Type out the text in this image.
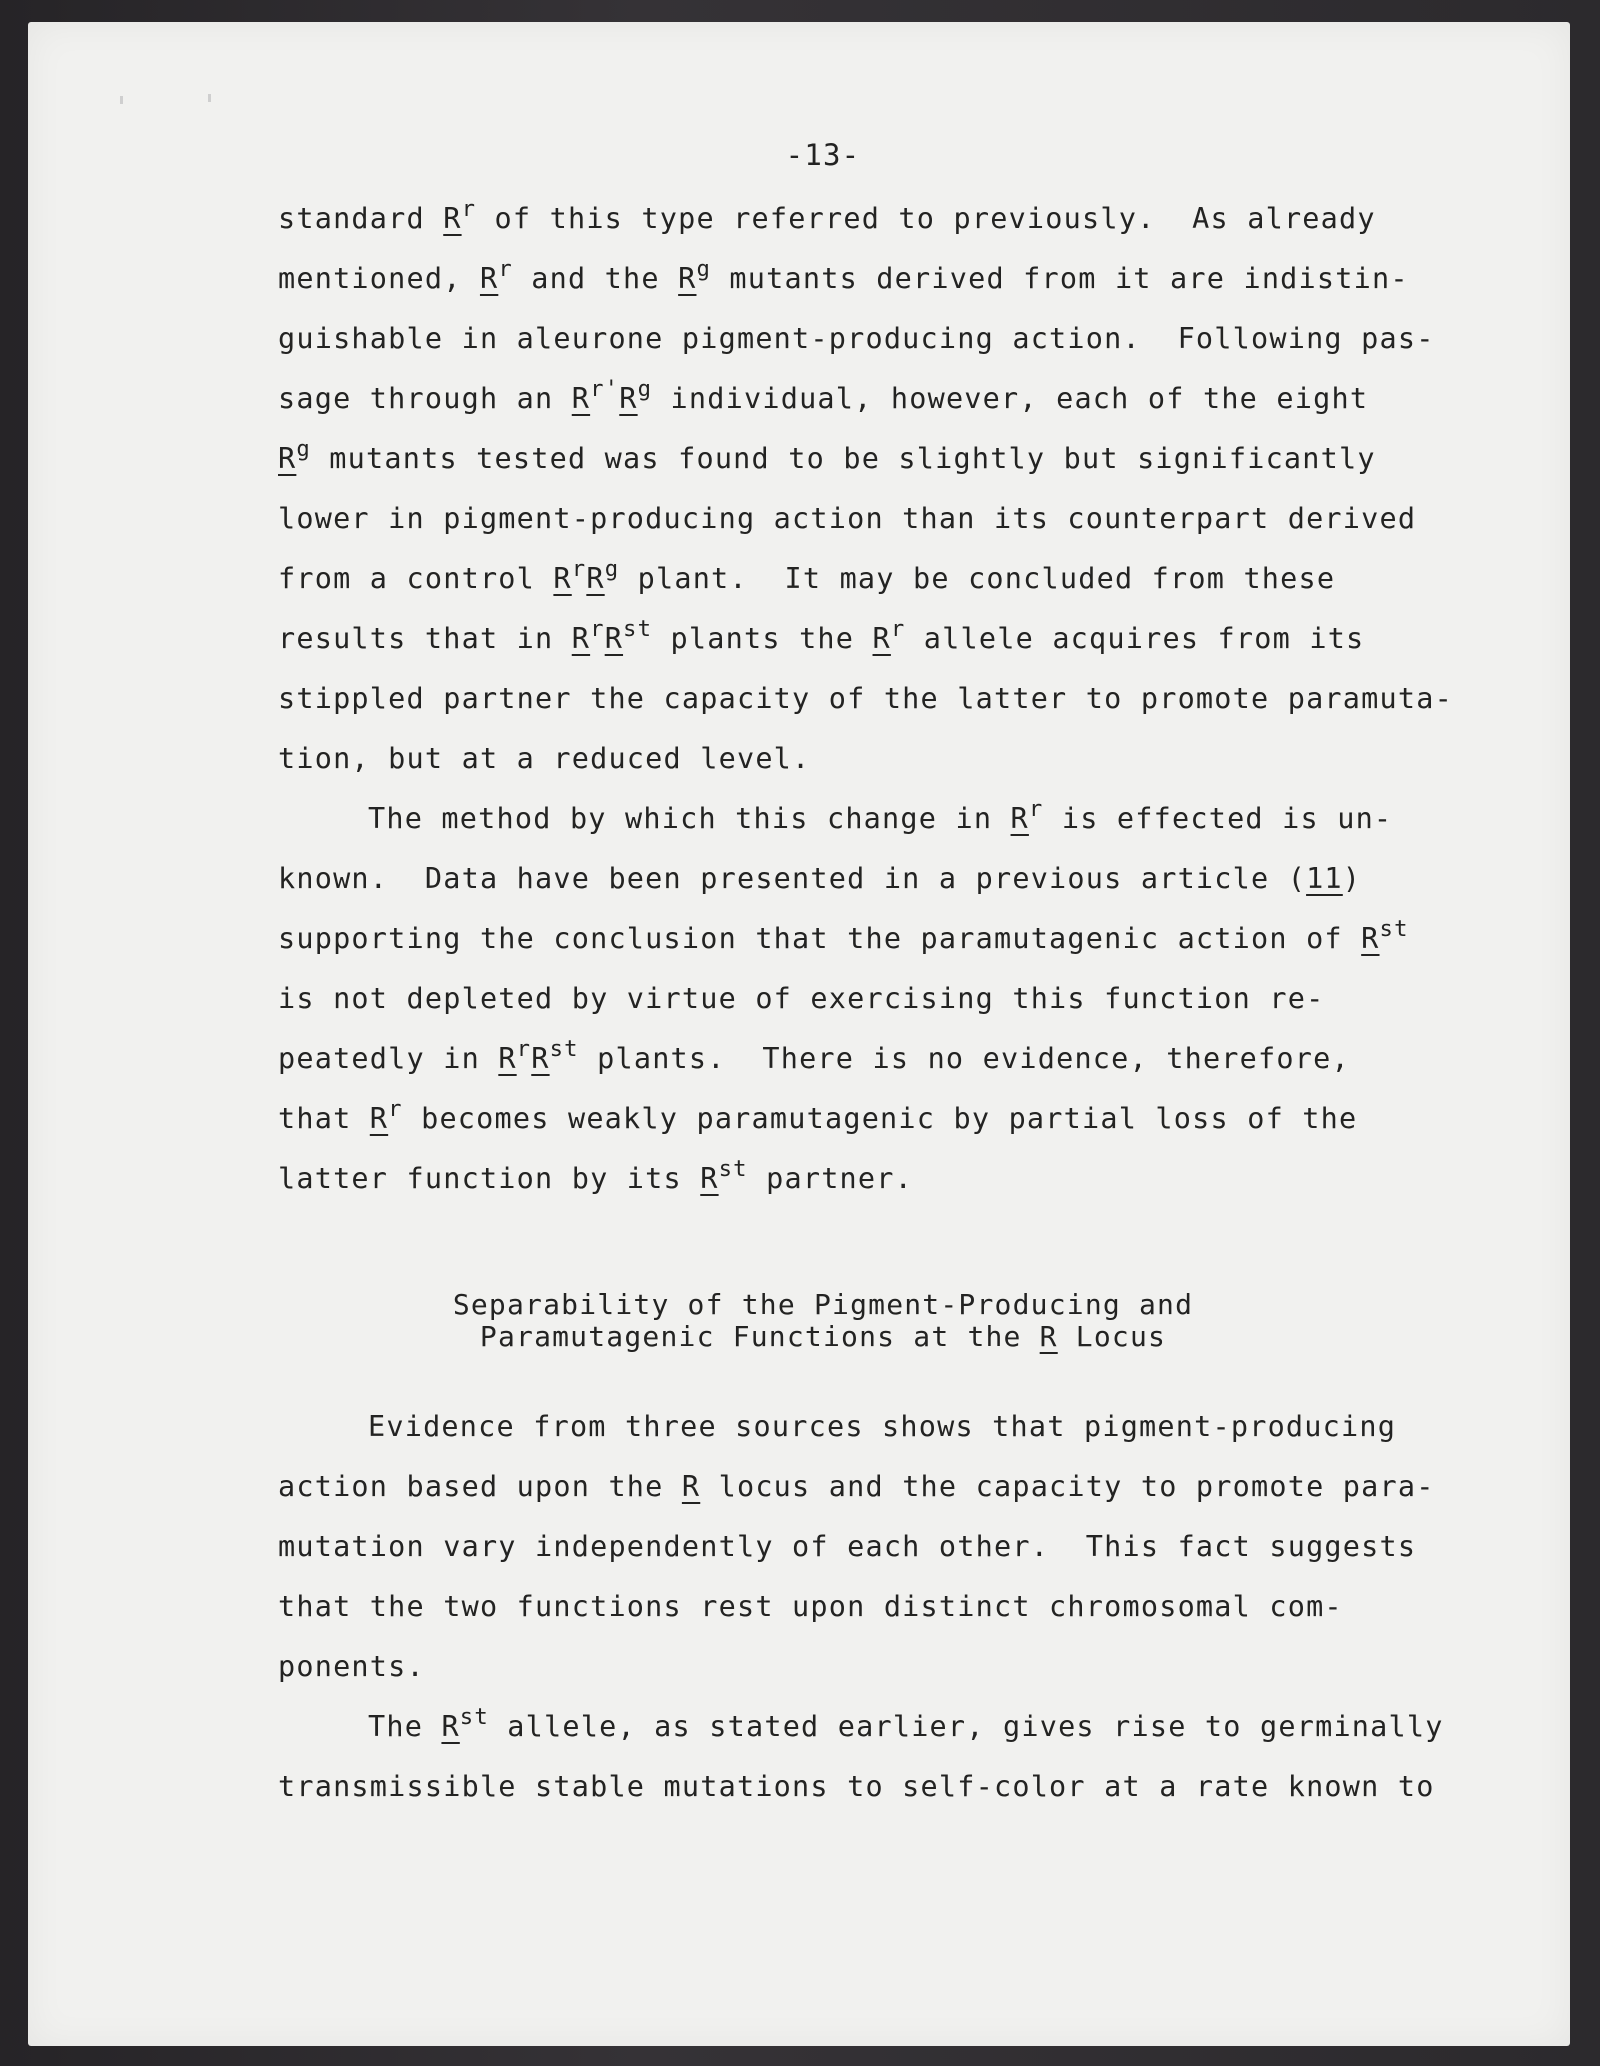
-13-
standard $R^r$ of this type referred to previously.  As already
mentioned, $R^r$ and the $R^g$ mutants derived from it are indistin-
guishable in aleurone pigment-producing action.  Following pas-
sage through an $R^{r'}R^g$ individual, however, each of the eight
$R^g$ mutants tested was found to be slightly but significantly
lower in pigment-producing action than its counterpart derived
from a control $R^rR^g$ plant.  It may be concluded from these
results that in $R^rR^{st}$ plants the $R^r$ allele acquires from its
stippled partner the capacity of the latter to promote paramuta-
tion, but at a reduced level.
The method by which this change in $R^r$ is effected is un-
known.  Data have been presented in a previous article (11)
supporting the conclusion that the paramutagenic action of $R^{st}$
is not depleted by virtue of exercising this function re-
peatedly in $R^rR^{st}$ plants.  There is no evidence, therefore,
that $R^r$ becomes weakly paramutagenic by partial loss of the
latter function by its $R^{st}$ partner.
Separability of the Pigment-Producing and
Paramutagenic Functions at the R Locus
Evidence from three sources shows that pigment-producing
action based upon the R locus and the capacity to promote para-
mutation vary independently of each other.  This fact suggests
that the two functions rest upon distinct chromosomal com-
ponents.
The $R^{st}$ allele, as stated earlier, gives rise to germinally
transmissible stable mutations to self-color at a rate known to
